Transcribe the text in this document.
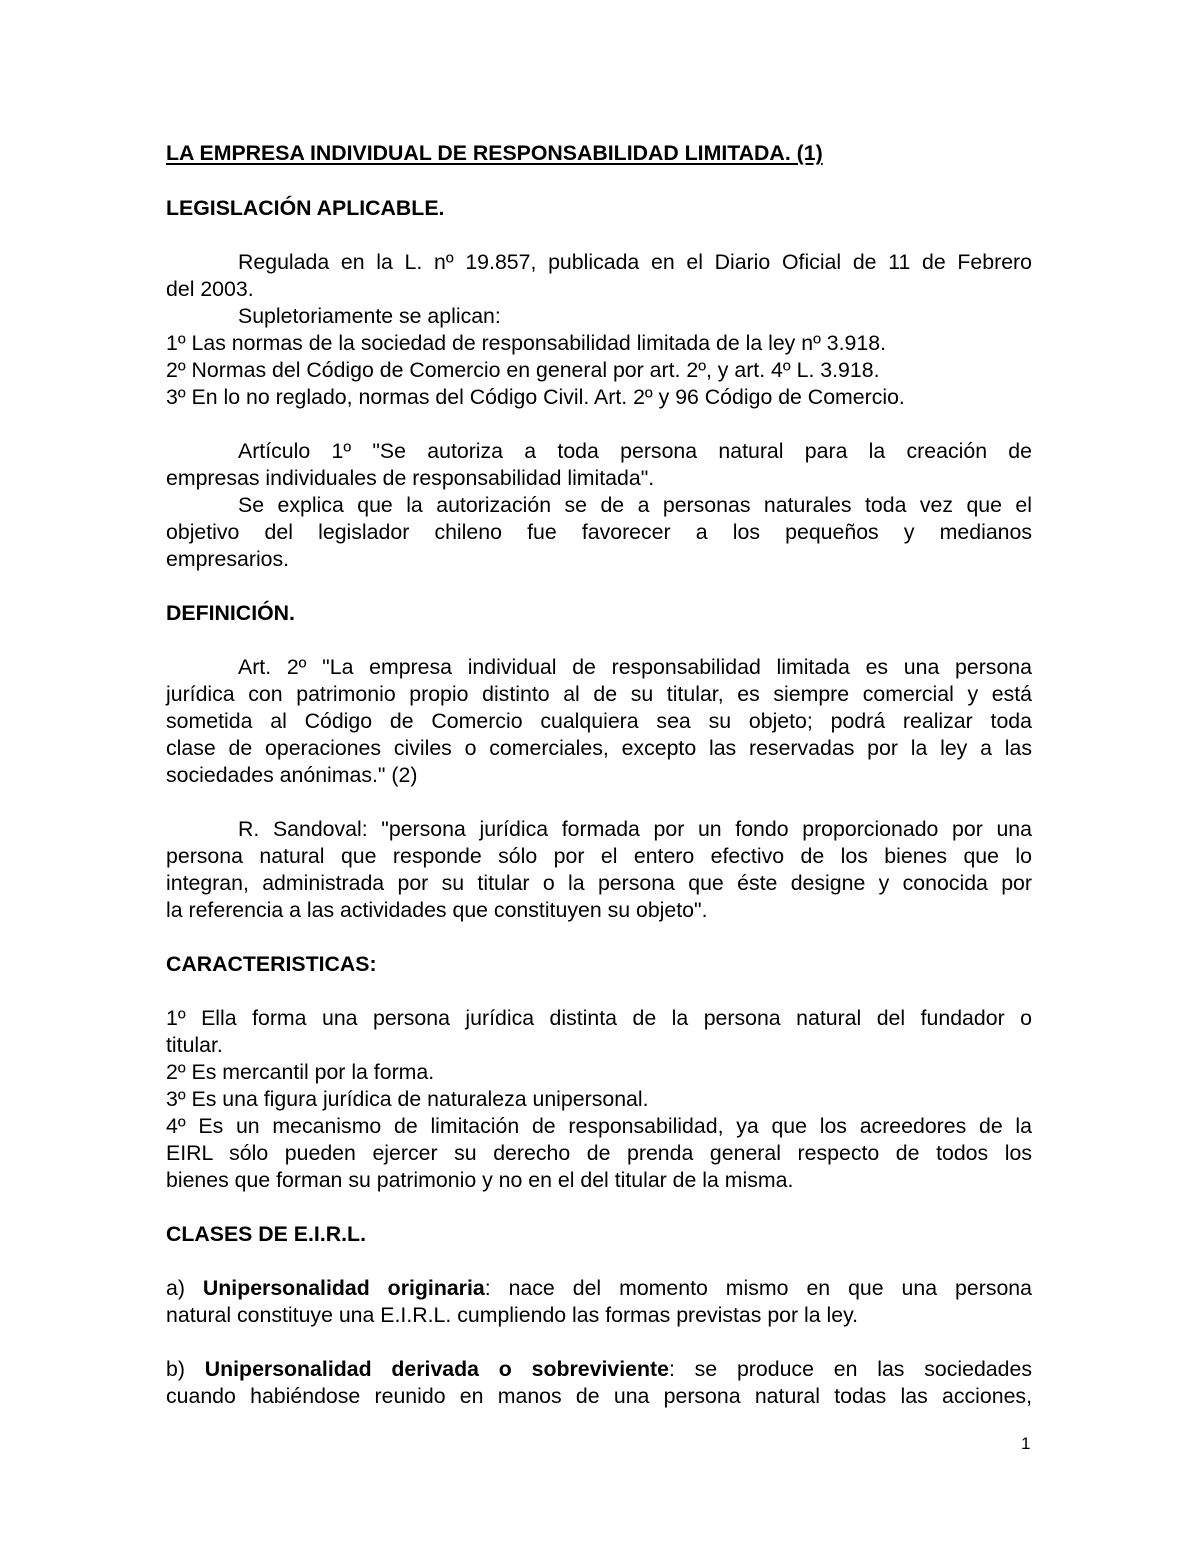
LA EMPRESA INDIVIDUAL DE RESPONSABILIDAD LIMITADA. (1)
LEGISLACIÓN APLICABLE.
Regulada en la L. nº 19.857, publicada en el Diario Oficial de 11 de Febrero
del 2003.
Supletoriamente se aplican:
1º Las normas de la sociedad de responsabilidad limitada de la ley nº 3.918.
2º Normas del Código de Comercio en general por art. 2º, y art. 4º L. 3.918.
3º En lo no reglado, normas del Código Civil. Art. 2º y 96 Código de Comercio.
Artículo 1º "Se autoriza a toda persona natural para la creación de
empresas individuales de responsabilidad limitada".
Se explica que la autorización se de a personas naturales toda vez que el
objetivo del legislador chileno fue favorecer a los pequeños y medianos
empresarios.
DEFINICIÓN.
Art. 2º "La empresa individual de responsabilidad limitada es una persona
jurídica con patrimonio propio distinto al de su titular, es siempre comercial y está
sometida al Código de Comercio cualquiera sea su objeto; podrá realizar toda
clase de operaciones civiles o comerciales, excepto las reservadas por la ley a las
sociedades anónimas." (2)
R. Sandoval: "persona jurídica formada por un fondo proporcionado por una
persona natural que responde sólo por el entero efectivo de los bienes que lo
integran, administrada por su titular o la persona que éste designe y conocida por
la referencia a las actividades que constituyen su objeto".
CARACTERISTICAS:
1º Ella forma una persona jurídica distinta de la persona natural del fundador o
titular.
2º Es mercantil por la forma.
3º Es una figura jurídica de naturaleza unipersonal.
4º Es un mecanismo de limitación de responsabilidad, ya que los acreedores de la
EIRL sólo pueden ejercer su derecho de prenda general respecto de todos los
bienes que forman su patrimonio y no en el del titular de la misma.
CLASES DE E.I.R.L.
a) Unipersonalidad originaria: nace del momento mismo en que una persona
natural constituye una E.I.R.L. cumpliendo las formas previstas por la ley.
b) Unipersonalidad derivada o sobreviviente: se produce en las sociedades
cuando habiéndose reunido en manos de una persona natural todas las acciones,
1
